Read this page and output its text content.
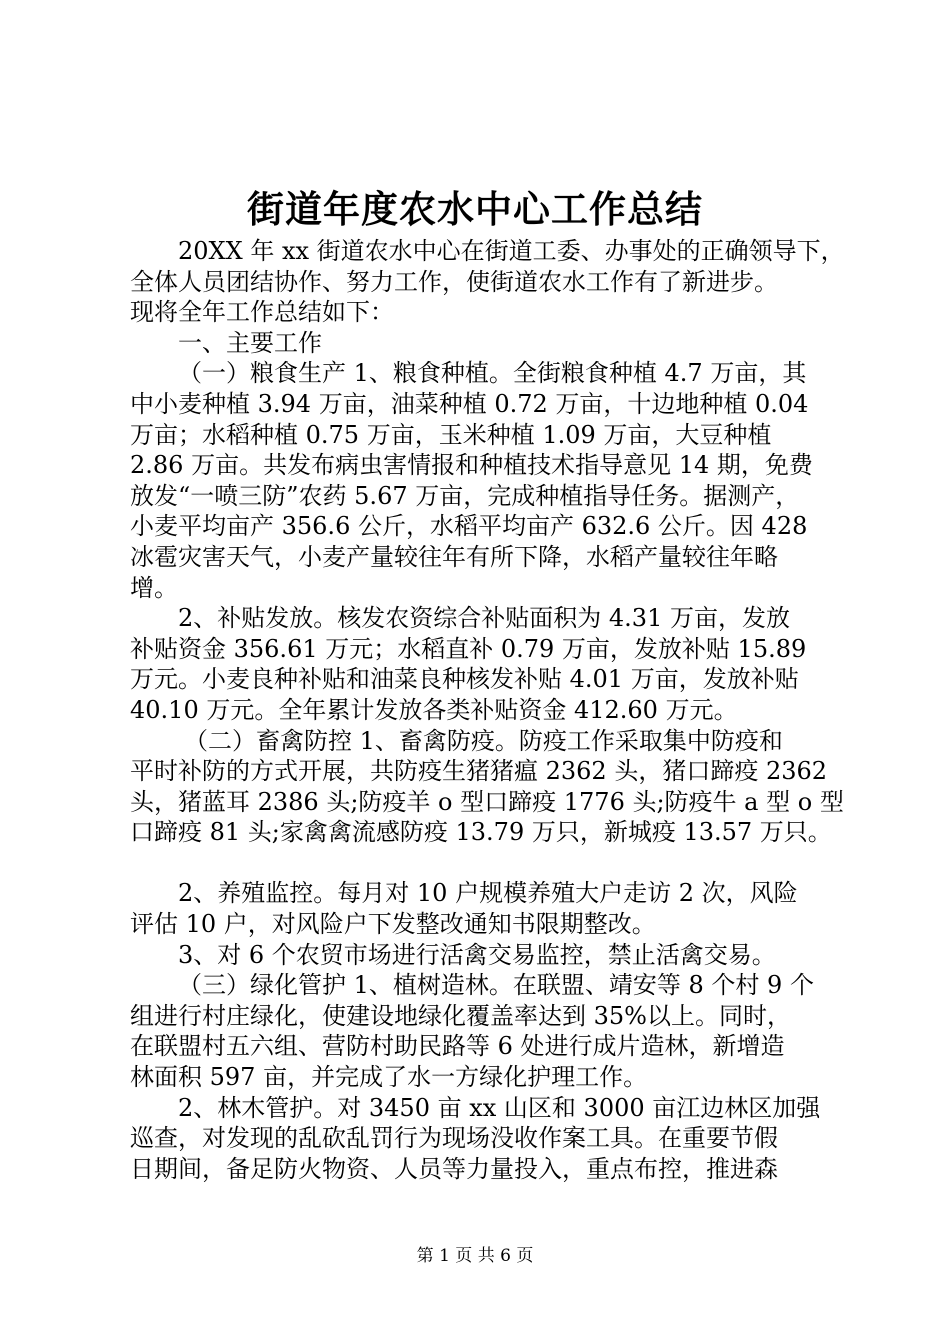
街道年度农水中心工作总结

20XX 年 xx 街道农水中心在街道工委、办事处的正确领导下，

全体人员团结协作、努力工作，使街道农水工作有了新进步。

现将全年工作总结如下：

一、主要工作

（一）粮食生产 1、粮食种植。全街粮食种植 4.7 万亩，其

中小麦种植 3.94 万亩，油菜种植 0.72 万亩，十边地种植 0.04

万亩；水稻种植 0.75 万亩，玉米种植 1.09 万亩，大豆种植

2.86 万亩。共发布病虫害情报和种植技术指导意见 14 期，免费

放发“一喷三防”农药 5.67 万亩，完成种植指导任务。据测产，

小麦平均亩产 356.6 公斤，水稻平均亩产 632.6 公斤。因 428

冰雹灾害天气，小麦产量较往年有所下降，水稻产量较往年略

增。

2、补贴发放。核发农资综合补贴面积为 4.31 万亩，发放

补贴资金 356.61 万元；水稻直补 0.79 万亩，发放补贴 15.89

万元。小麦良种补贴和油菜良种核发补贴 4.01 万亩，发放补贴

40.10 万元。全年累计发放各类补贴资金 412.60 万元。

（二）畜禽防控 1、畜禽防疫。防疫工作采取集中防疫和

平时补防的方式开展，共防疫生猪猪瘟 2362 头，猪口蹄疫 2362

头，猪蓝耳 2386 头;防疫羊 o 型口蹄疫 1776 头;防疫牛 a 型 o 型

口蹄疫 81 头;家禽禽流感防疫 13.79 万只，新城疫 13.57 万只。

2、养殖监控。每月对 10 户规模养殖大户走访 2 次，风险

评估 10 户，对风险户下发整改通知书限期整改。

3、对 6 个农贸市场进行活禽交易监控，禁止活禽交易。

（三）绿化管护 1、植树造林。在联盟、靖安等 8 个村 9 个

组进行村庄绿化，使建设地绿化覆盖率达到 35%以上。同时，

在联盟村五六组、营防村助民路等 6 处进行成片造林，新增造

林面积 597 亩，并完成了水一方绿化护理工作。

2、林木管护。对 3450 亩 xx 山区和 3000 亩江边林区加强

巡查，对发现的乱砍乱罚行为现场没收作案工具。在重要节假

日期间，备足防火物资、人员等力量投入，重点布控，推进森

第 1 页 共 6 页
